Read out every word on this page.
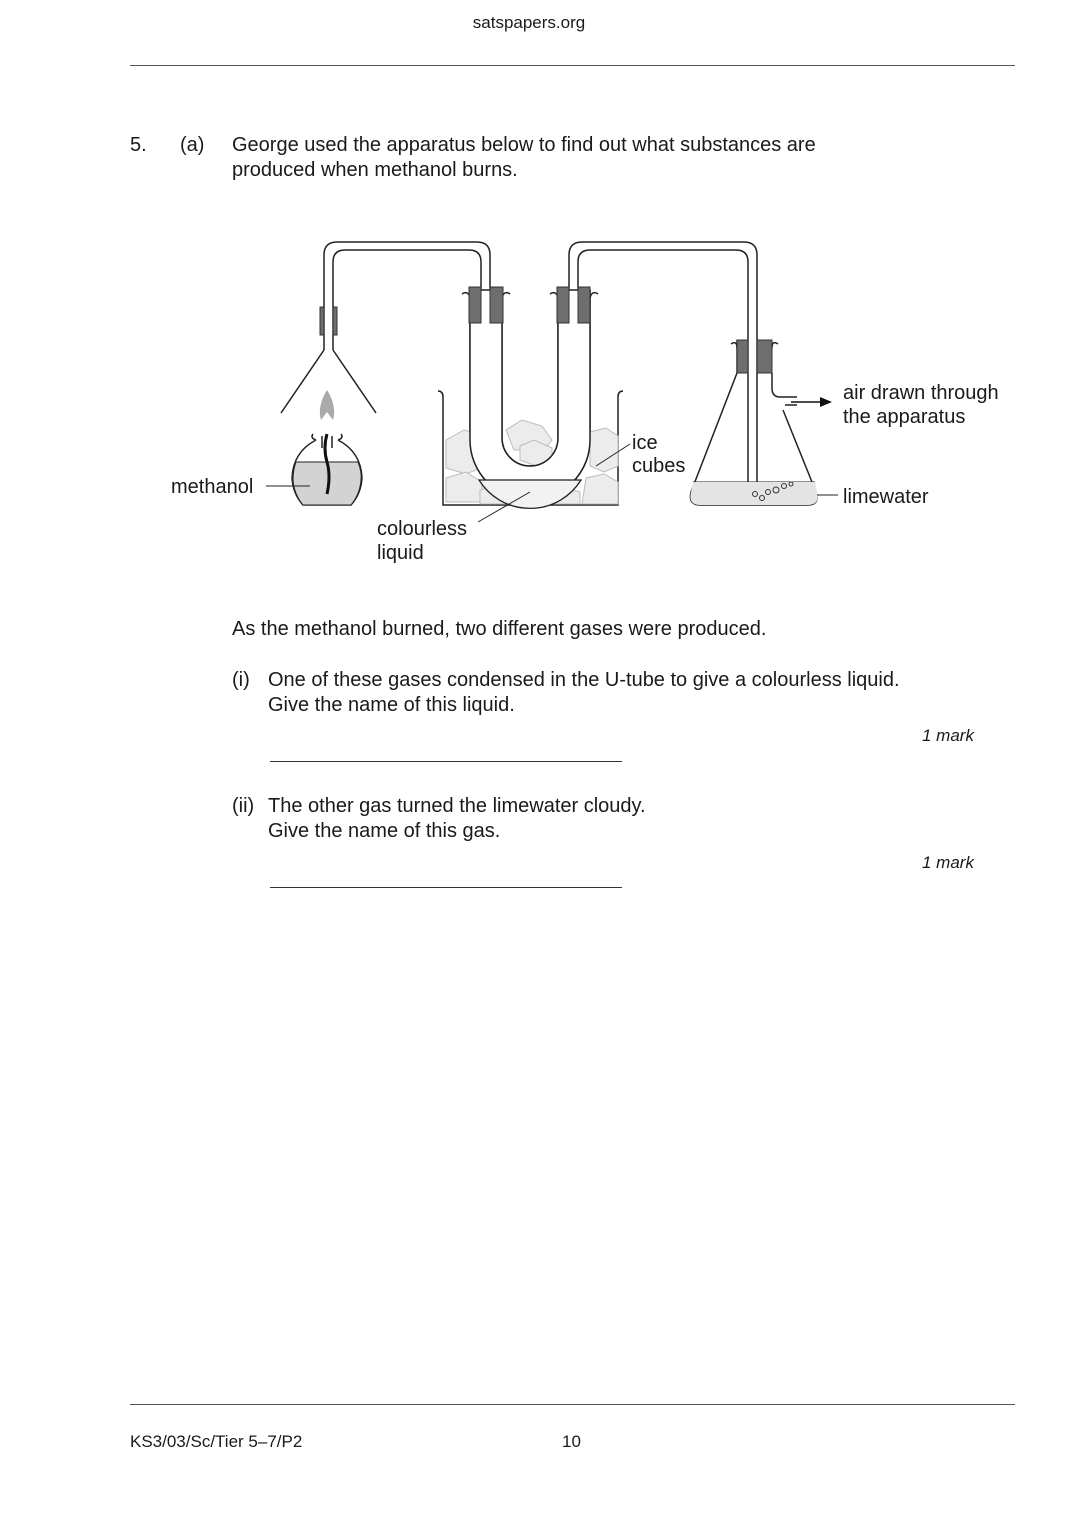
satspapers.org
5. (a) George used the apparatus below to find out what substances are
produced when methanol burns.
methanol
colourless
liquid
ice
cubes
air drawn through
the apparatus
limewater
As the methanol burned, two different gases were produced.
(i) One of these gases condensed in the U-tube to give a colourless liquid.
Give the name of this liquid.
1 mark
(ii) The other gas turned the limewater cloudy.
Give the name of this gas.
1 mark
KS3/03/Sc/Tier 5–7/P2	10
